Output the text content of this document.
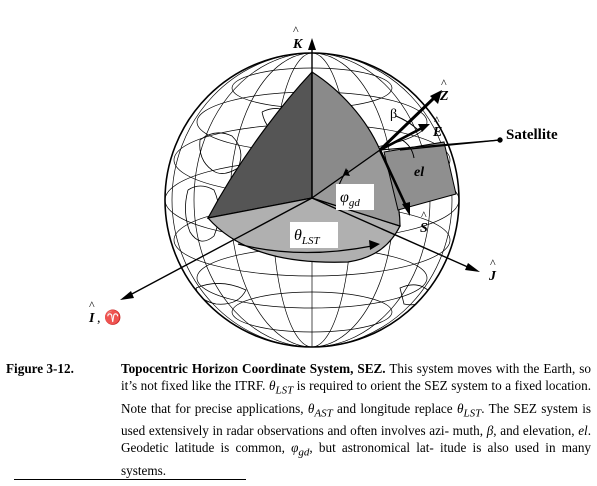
K
^
β
Z
^
E
^
Satellite
el
S
^
$\varphi_{gd}$
$\theta_{LST}$
J
^
I
^
, ♈
Figure 3-12.	Topocentric Horizon Coordinate System, SEZ. This system moves with the Earth, so it’s not fixed like the ITRF. $\theta_{LST}$ is required to orient the SEZ system to a fixed location. Note that for precise applications, $\theta_{AST}$ and longitude replace $\theta_{LST}$. The SEZ system is used extensively in radar observations and often involves azi- muth, β, and elevation, el. Geodetic latitude is common, $\varphi_{gd}$, but astronomical lat- itude is also used in many systems.
